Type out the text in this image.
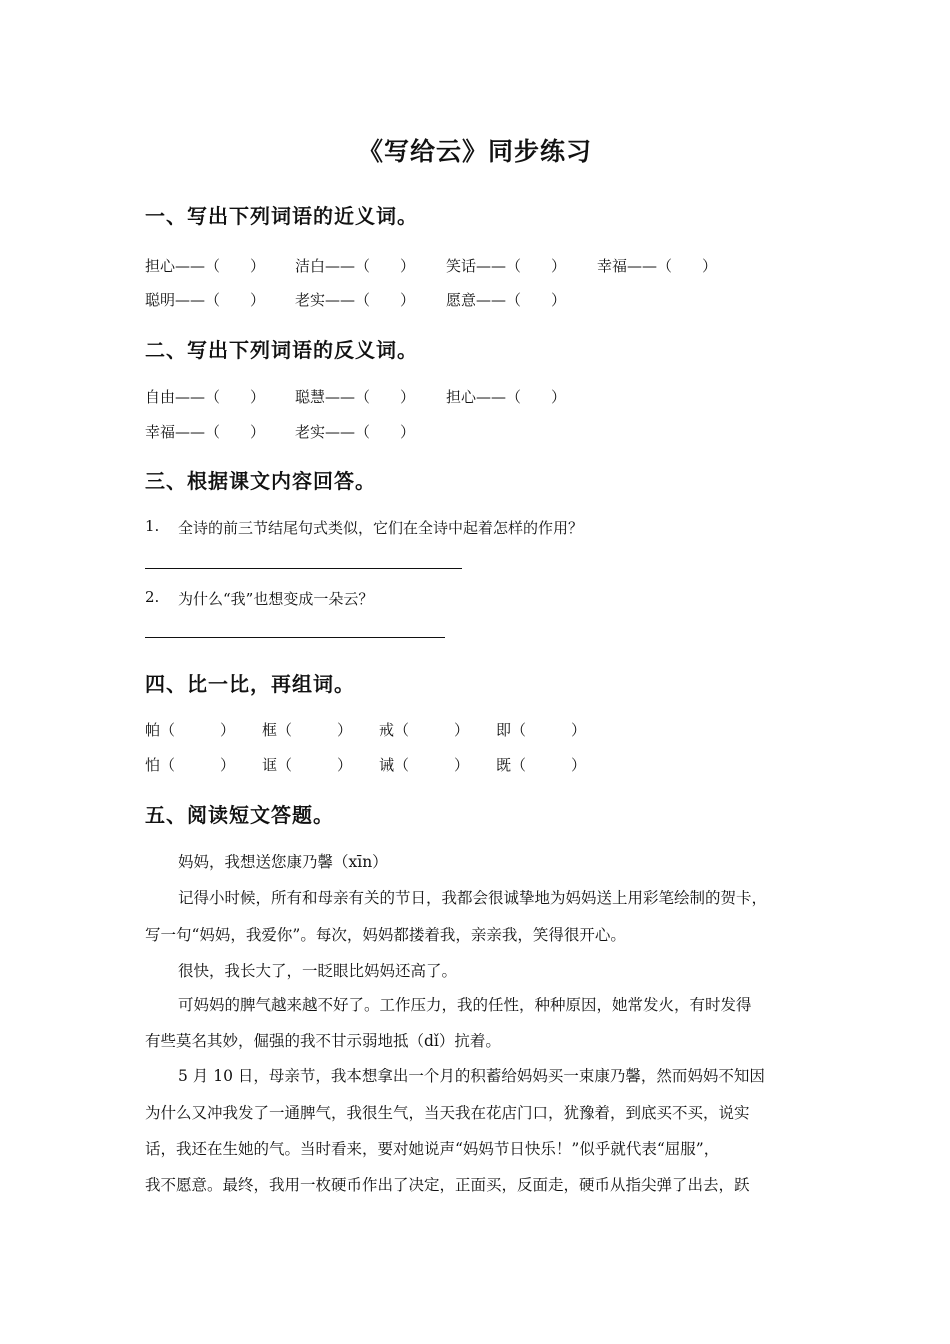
《写给云》同步练习
一、写出下列词语的近义词。
担心——（　　） 洁白——（　　） 笑话——（　　） 幸福——（　　）
聪明——（　　） 老实——（　　） 愿意——（　　）
二、写出下列词语的反义词。
自由——（　　） 聪慧——（　　） 担心——（　　）
幸福——（　　） 老实——（　　）
三、根据课文内容回答。
1. 全诗的前三节结尾句式类似，它们在全诗中起着怎样的作用？
2. 为什么“我”也想变成一朵云？
四、比一比，再组词。
帕（　　　） 框（　　　） 戒（　　　） 即（　　　）
怕（　　　） 诓（　　　） 诫（　　　） 既（　　　）
五、阅读短文答题。
妈妈，我想送您康乃馨（xīn）
记得小时候，所有和母亲有关的节日，我都会很诚挚地为妈妈送上用彩笔绘制的贺卡，
写一句“妈妈，我爱你”。每次，妈妈都搂着我，亲亲我，笑得很开心。
很快，我长大了，一眨眼比妈妈还高了。
可妈妈的脾气越来越不好了。工作压力，我的任性，种种原因，她常发火，有时发得
有些莫名其妙，倔强的我不甘示弱地抵（dǐ）抗着。
5 月 10 日，母亲节，我本想拿出一个月的积蓄给妈妈买一束康乃馨，然而妈妈不知因
为什么又冲我发了一通脾气，我很生气，当天我在花店门口，犹豫着，到底买不买，说实
话，我还在生她的气。当时看来，要对她说声“妈妈节日快乐！”似乎就代表“屈服”，
我不愿意。最终，我用一枚硬币作出了决定，正面买，反面走，硬币从指尖弹了出去，跃
